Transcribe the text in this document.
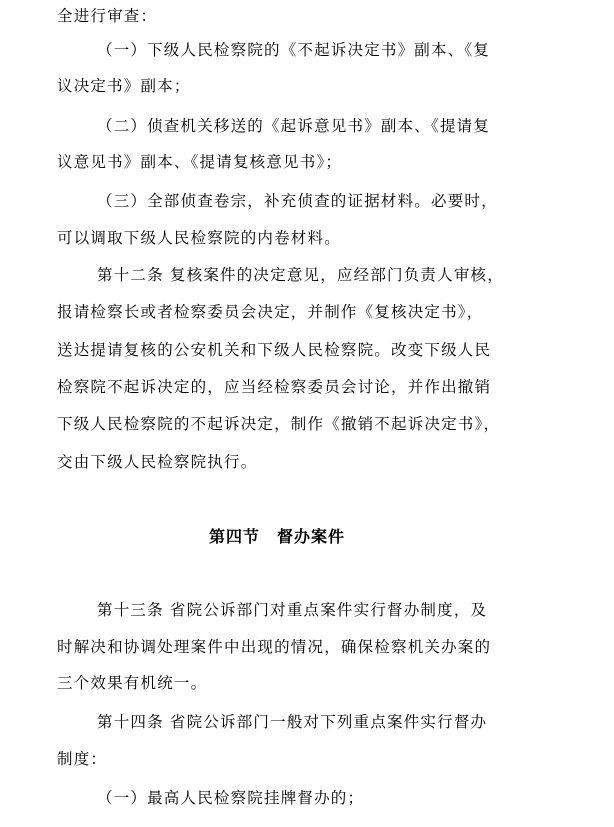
全进行审查：
（一）下级人民检察院的《不起诉决定书》副本、《复
议决定书》副本；
（二）侦查机关移送的《起诉意见书》副本、《提请复
议意见书》副本、《提请复核意见书》；
（三）全部侦查卷宗，补充侦查的证据材料。必要时，
可以调取下级人民检察院的内卷材料。
第十二条 复核案件的决定意见，应经部门负责人审核，
报请检察长或者检察委员会决定，并制作《复核决定书》，
送达提请复核的公安机关和下级人民检察院。改变下级人民
检察院不起诉决定的，应当经检察委员会讨论，并作出撤销
下级人民检察院的不起诉决定，制作《撤销不起诉决定书》，
交由下级人民检察院执行。
第四节　督办案件
第十三条 省院公诉部门对重点案件实行督办制度，及
时解决和协调处理案件中出现的情况，确保检察机关办案的
三个效果有机统一。
第十四条 省院公诉部门一般对下列重点案件实行督办
制度：
（一）最高人民检察院挂牌督办的；
